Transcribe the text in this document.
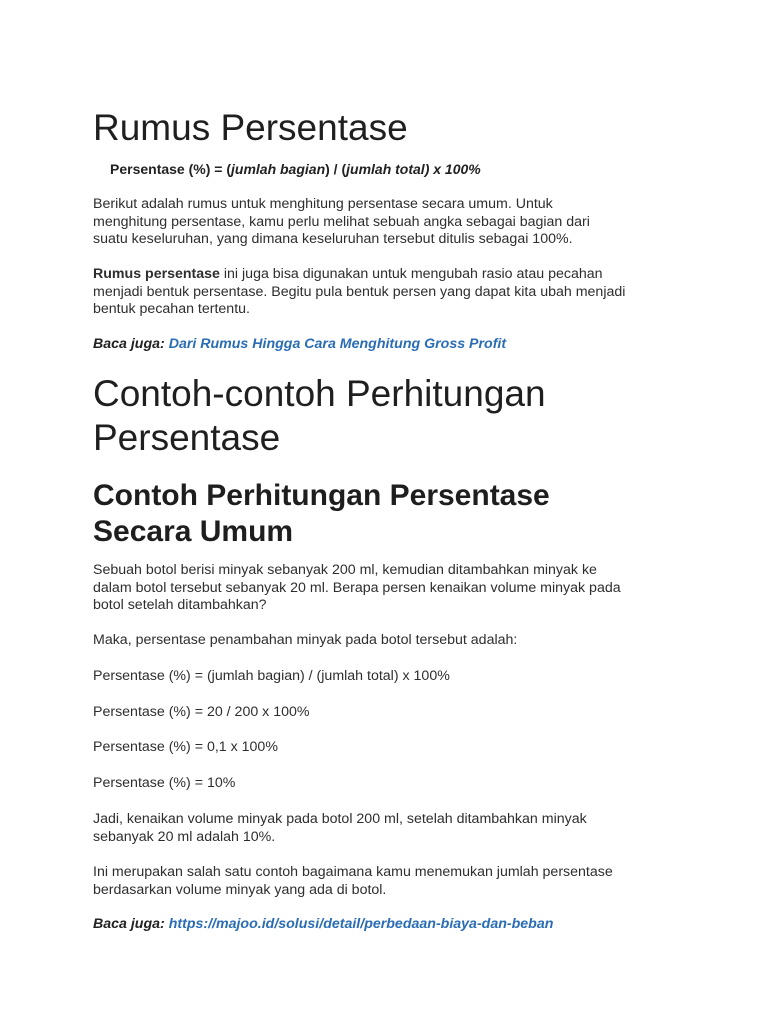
Rumus Persentase

Persentase (%) = (jumlah bagian) / (jumlah total) x 100%

Berikut adalah rumus untuk menghitung persentase secara umum. Untuk
menghitung persentase, kamu perlu melihat sebuah angka sebagai bagian dari
suatu keseluruhan, yang dimana keseluruhan tersebut ditulis sebagai 100%.

Rumus persentase ini juga bisa digunakan untuk mengubah rasio atau pecahan
menjadi bentuk persentase. Begitu pula bentuk persen yang dapat kita ubah menjadi
bentuk pecahan tertentu.

Baca juga: Dari Rumus Hingga Cara Menghitung Gross Profit

Contoh-contoh Perhitungan
Persentase
Contoh Perhitungan Persentase
Secara Umum

Sebuah botol berisi minyak sebanyak 200 ml, kemudian ditambahkan minyak ke
dalam botol tersebut sebanyak 20 ml. Berapa persen kenaikan volume minyak pada
botol setelah ditambahkan?

Maka, persentase penambahan minyak pada botol tersebut adalah:

Persentase (%) = (jumlah bagian) / (jumlah total) x 100%

Persentase (%) = 20 / 200 x 100%

Persentase (%) = 0,1 x 100%

Persentase (%) = 10%

Jadi, kenaikan volume minyak pada botol 200 ml, setelah ditambahkan minyak
sebanyak 20 ml adalah 10%.

Ini merupakan salah satu contoh bagaimana kamu menemukan jumlah persentase
berdasarkan volume minyak yang ada di botol.

Baca juga: https://majoo.id/solusi/detail/perbedaan-biaya-dan-beban
